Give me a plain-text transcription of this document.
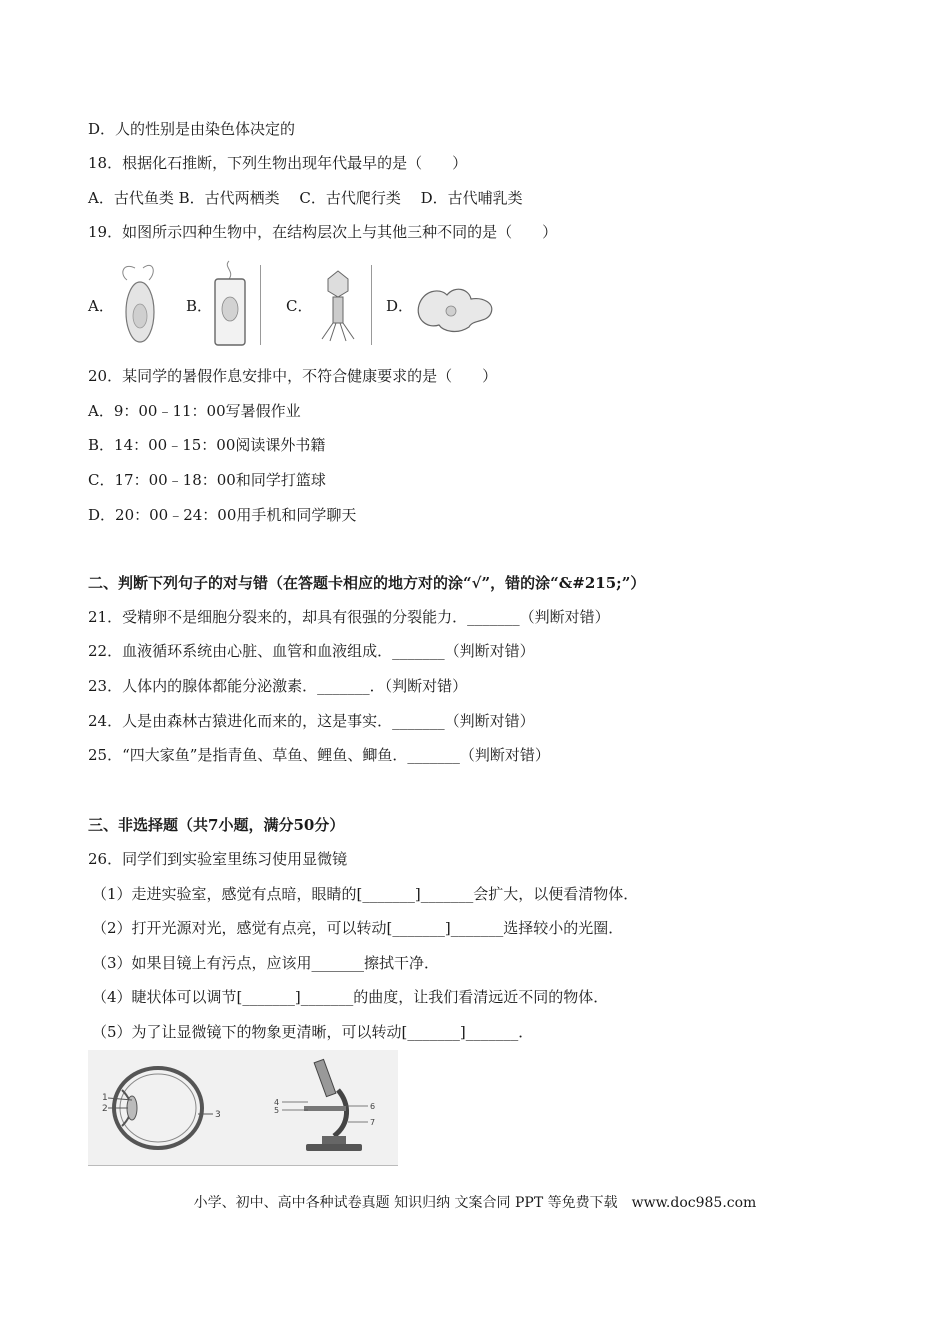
D．人的性别是由染色体决定的
18．根据化石推断，下列生物出现年代最早的是（　　）
A．古代鱼类 B．古代两栖类　 C．古代爬行类　 D．古代哺乳类
19．如图所示四种生物中，在结构层次上与其他三种不同的是（　　）
A．	B．	C．	D．
20．某同学的暑假作息安排中，不符合健康要求的是（　　）
A．9：00﹣11：00写暑假作业
B．14：00﹣15：00阅读课外书籍
C．17：00﹣18：00和同学打篮球
D．20：00﹣24：00用手机和同学聊天
二、判断下列句子的对与错（在答题卡相应的地方对的涂“√”，错的涂“&#215;”）
21．受精卵不是细胞分裂来的，却具有很强的分裂能力．_______（判断对错）
22．血液循环系统由心脏、血管和血液组成．_______（判断对错）
23．人体内的腺体都能分泌激素．_______．（判断对错）
24．人是由森林古猿进化而来的，这是事实．_______（判断对错）
25．“四大家鱼”是指青鱼、草鱼、鲤鱼、鲫鱼．_______（判断对错）
三、非选择题（共7小题，满分50分）
26．同学们到实验室里练习使用显微镜
（1）走进实验室，感觉有点暗，眼睛的[_______]_______会扩大，以便看清物体．
（2）打开光源对光，感觉有点亮，可以转动[_______]_______选择较小的光圈．
（3）如果目镜上有污点，应该用_______擦拭干净．
（4）睫状体可以调节[_______]_______的曲度，让我们看清远近不同的物体．
（5）为了让显微镜下的物象更清晰，可以转动[_______]_______．
1
2
3
4
5	6
7
小学、初中、高中各种试卷真题 知识归纳 文案合同 PPT 等免费下载　www.doc985.com
